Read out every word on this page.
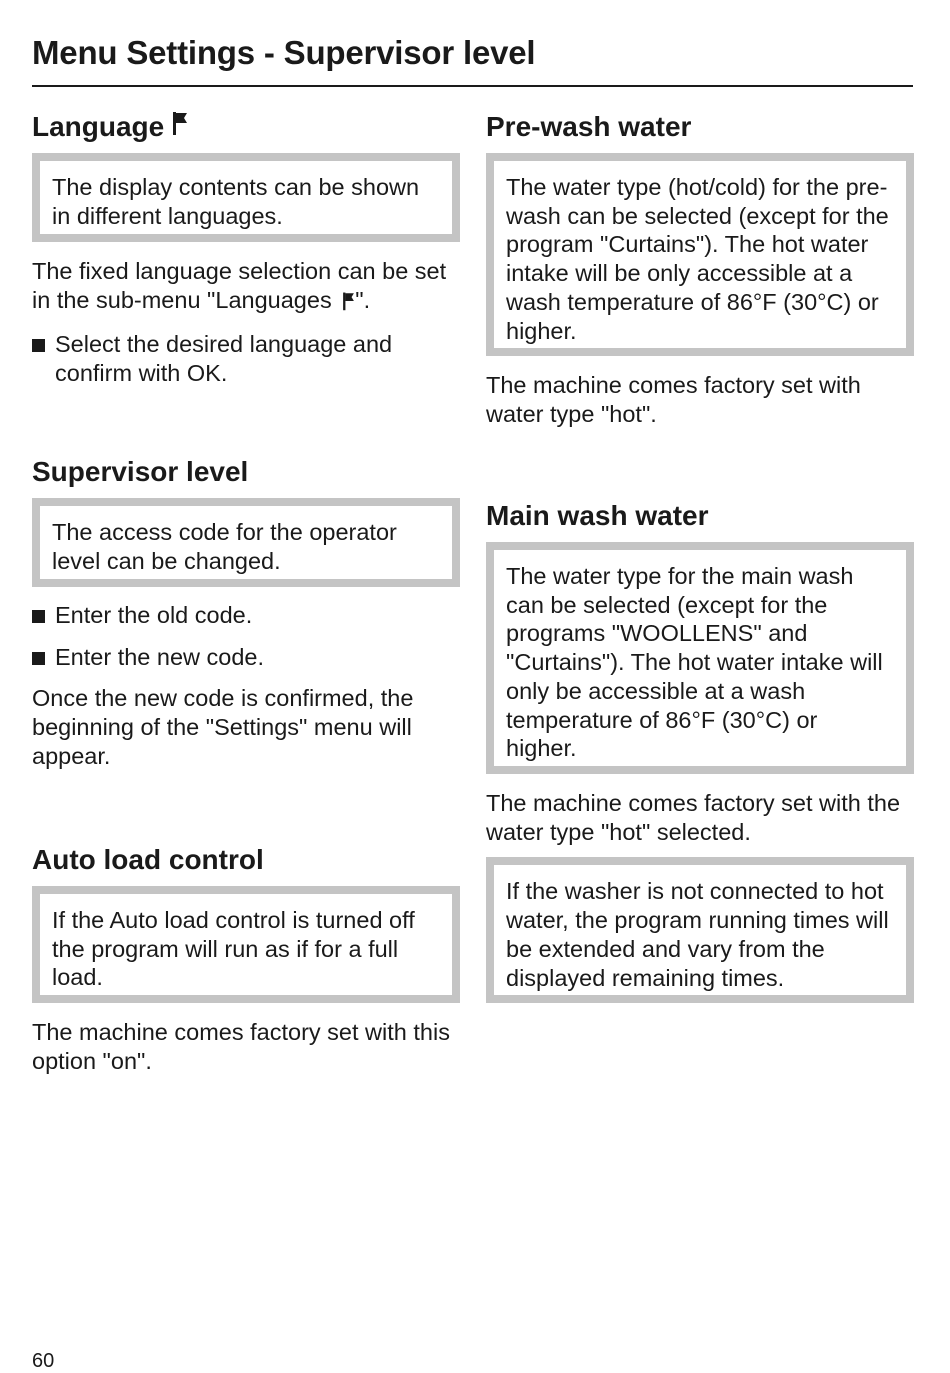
Menu Settings - Supervisor level
Language
The display contents can be shown in different languages.
The fixed language selection can be set in the sub-menu "Languages ".
Select the desired language and confirm with OK.
Supervisor level
The access code for the operator level can be changed.
Enter the old code.
Enter the new code.
Once the new code is confirmed, the beginning of the "Settings" menu will appear.
Auto load control
If the Auto load control is turned off the program will run as if for a full load.
The machine comes factory set with this option "on".
Pre-wash water
The water type (hot/cold) for the pre-wash can be selected (except for the program "Curtains"). The hot water intake will be only accessible at a wash temperature of 86°F (30°C) or higher.
The machine comes factory set with water type "hot".
Main wash water
The water type for the main wash can be selected (except for the programs "WOOLLENS" and "Curtains"). The hot water intake will only be accessible at a wash temperature of 86°F (30°C) or higher.
The machine comes factory set with the water type "hot" selected.
If the washer is not connected to hot water, the program running times will be extended and vary from the displayed remaining times.
60
